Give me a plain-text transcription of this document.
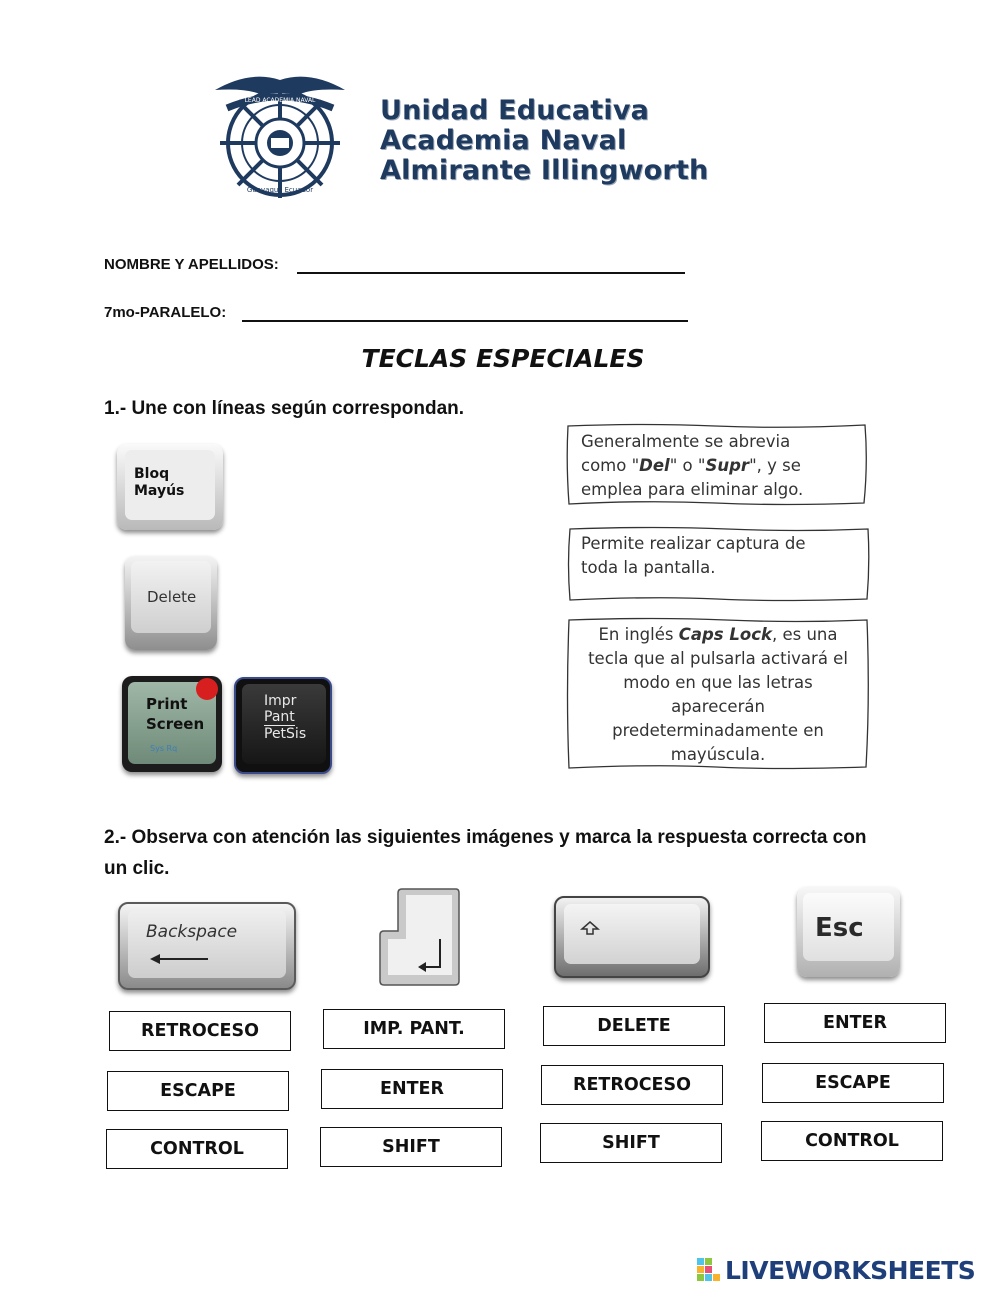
LEAD ACADEMIA NAVAL
Guayaquil Ecuador
Unidad Educativa
Academia Naval
Almirante Illingworth
NOMBRE Y APELLIDOS:
7mo-PARALELO:
TECLAS ESPECIALES
1.- Une con líneas según correspondan.
Bloq
Mayús
Delete
Print
Screen
Sys Rq
Impr
Pant
PetSis
Generalmente se abrevia
como "Del" o "Supr", y se
emplea para eliminar algo.
Permite realizar captura de
toda la pantalla.
En inglés Caps Lock, es una
tecla que al pulsarla activará el
modo en que las letras
aparecerán
predeterminadamente en
mayúscula.
2.- Observa con atención las siguientes imágenes y marca la respuesta correcta con
un clic.
Backspace	Esc
RETROCESO
ESCAPE
CONTROL
IMP. PANT.
ENTER
SHIFT
DELETE
RETROCESO
SHIFT
ENTER
ESCAPE
CONTROL
LIVEWORKSHEETS
